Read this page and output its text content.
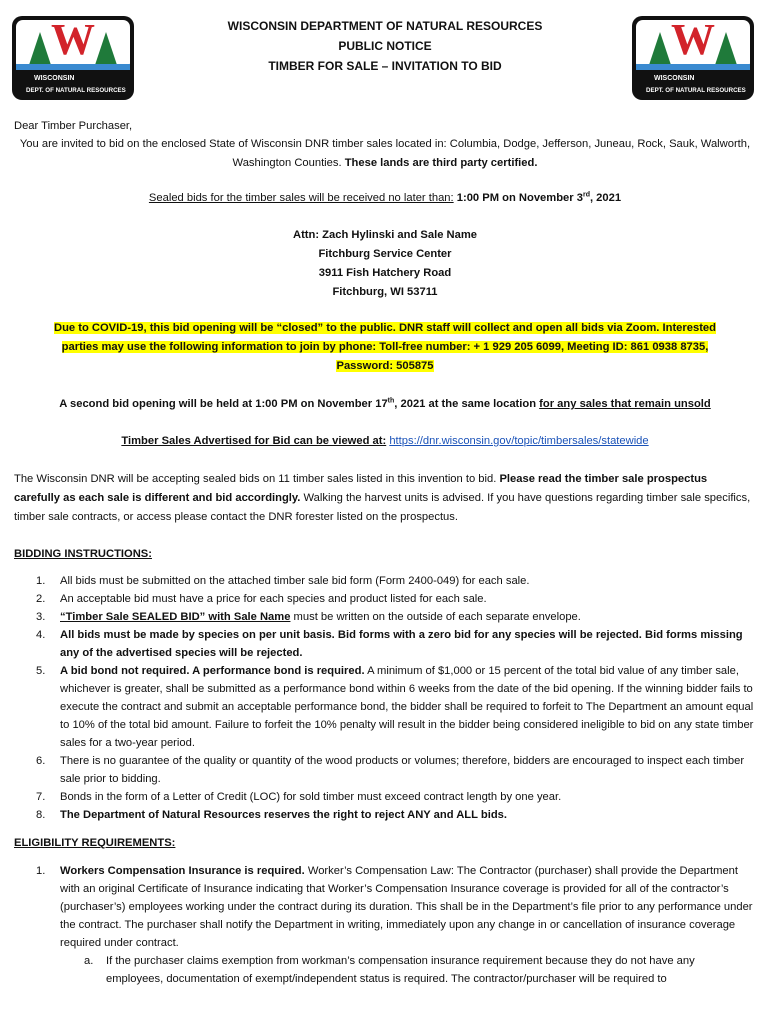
W
WISCONSIN
DEPT. OF NATURAL RESOURCES
W
WISCONSIN
DEPT. OF NATURAL RESOURCES
WISCONSIN DEPARTMENT OF NATURAL RESOURCES
PUBLIC NOTICE
TIMBER FOR SALE – INVITATION TO BID
Dear Timber Purchaser,
You are invited to bid on the enclosed State of Wisconsin DNR timber sales located in: Columbia, Dodge, Jefferson, Juneau, Rock, Sauk, Walworth, Washington Counties. These lands are third party certified.
Sealed bids for the timber sales will be received no later than: 1:00 PM on November 3rd, 2021
Attn: Zach Hylinski and Sale Name
Fitchburg Service Center
3911 Fish Hatchery Road
Fitchburg, WI 53711
Due to COVID-19, this bid opening will be “closed” to the public. DNR staff will collect and open all bids via Zoom. Interested
parties may use the following information to join by phone: Toll-free number: + 1 929 205 6099, Meeting ID: 861 0938 8735,
Password: 505875
A second bid opening will be held at 1:00 PM on November 17th, 2021 at the same location for any sales that remain unsold
Timber Sales Advertised for Bid can be viewed at: https://dnr.wisconsin.gov/topic/timbersales/statewide
The Wisconsin DNR will be accepting sealed bids on 11 timber sales listed in this invention to bid. Please read the timber sale prospectus carefully as each sale is different and bid accordingly. Walking the harvest units is advised. If you have questions regarding timber sale specifics, timber sale contracts, or access please contact the DNR forester listed on the prospectus.
BIDDING INSTRUCTIONS:
1. All bids must be submitted on the attached timber sale bid form (Form 2400-049) for each sale.
2. An acceptable bid must have a price for each species and product listed for each sale.
3. “Timber Sale SEALED BID” with Sale Name must be written on the outside of each separate envelope.
4. All bids must be made by species on per unit basis. Bid forms with a zero bid for any species will be rejected. Bid forms missing any of the advertised species will be rejected.
5. A bid bond not required. A performance bond is required. A minimum of $1,000 or 15 percent of the total bid value of any timber sale, whichever is greater, shall be submitted as a performance bond within 6 weeks from the date of the bid opening. If the winning bidder fails to execute the contract and submit an acceptable performance bond, the bidder shall be required to forfeit to The Department an amount equal to 10% of the total bid amount. Failure to forfeit the 10% penalty will result in the bidder being considered ineligible to bid on any state timber sales for a two-year period.
6. There is no guarantee of the quality or quantity of the wood products or volumes; therefore, bidders are encouraged to inspect each timber sale prior to bidding.
7. Bonds in the form of a Letter of Credit (LOC) for sold timber must exceed contract length by one year.
8. The Department of Natural Resources reserves the right to reject ANY and ALL bids.
ELIGIBILITY REQUIREMENTS:
1. Workers Compensation Insurance is required. Worker’s Compensation Law: The Contractor (purchaser) shall provide the Department with an original Certificate of Insurance indicating that Worker’s Compensation Insurance coverage is provided for all of the contractor’s (purchaser’s) employees working under the contract during its duration. This shall be in the Department’s file prior to any performance under the contract. The purchaser shall notify the Department in writing, immediately upon any change in or cancellation of insurance coverage required under contract.
a. If the purchaser claims exemption from workman’s compensation insurance requirement because they do not have any employees, documentation of exempt/independent status is required. The contractor/purchaser will be required to
